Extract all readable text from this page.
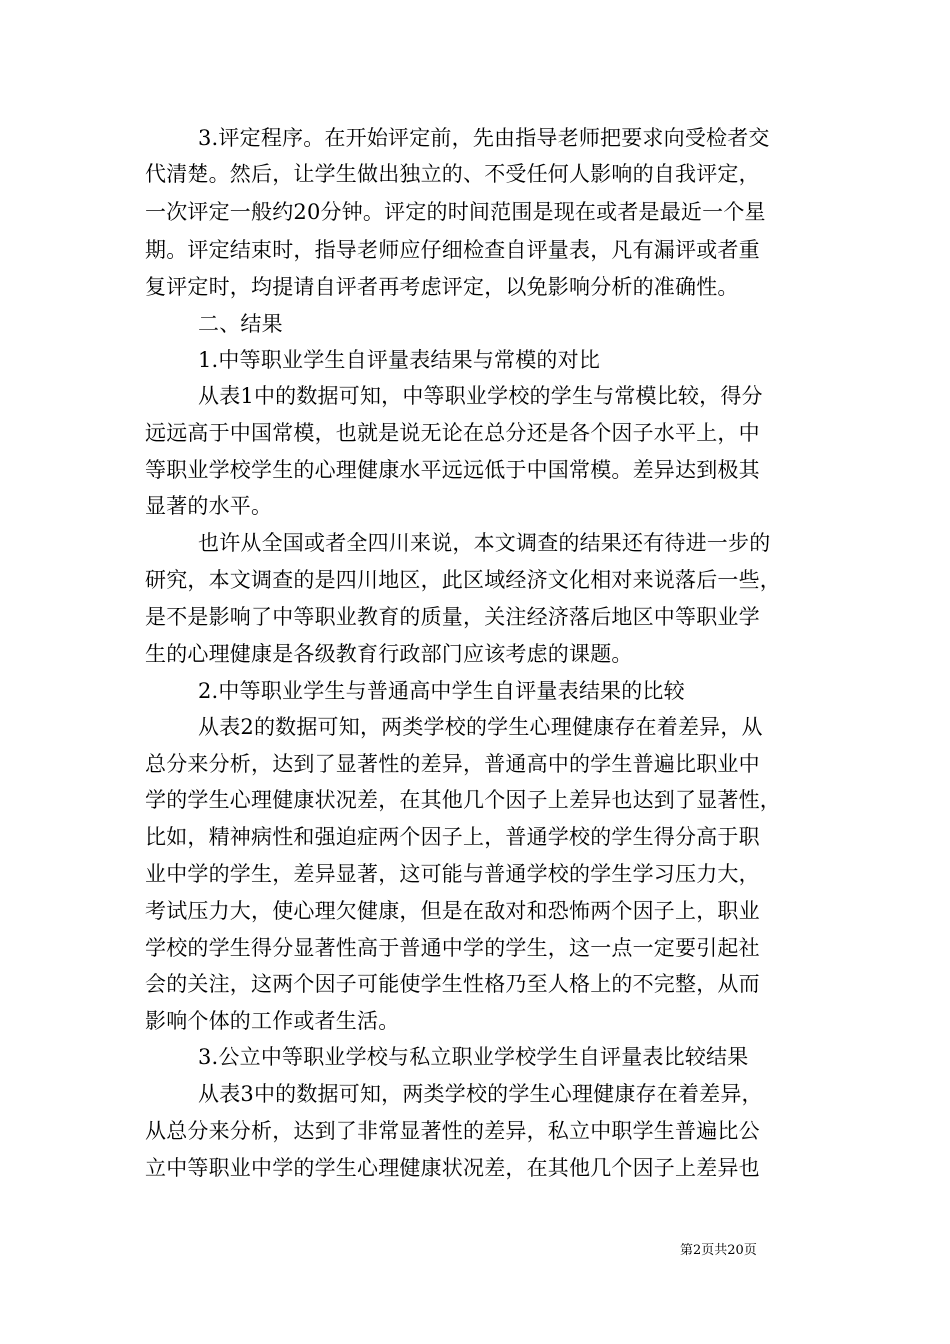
3.评定程序。在开始评定前，先由指导老师把要求向受检者交
代清楚。然后，让学生做出独立的、不受任何人影响的自我评定，
一次评定一般约20分钟。评定的时间范围是现在或者是最近一个星
期。评定结束时，指导老师应仔细检查自评量表，凡有漏评或者重
复评定时，均提请自评者再考虑评定，以免影响分析的准确性。
二、结果
1.中等职业学生自评量表结果与常模的对比
从表1中的数据可知，中等职业学校的学生与常模比较，得分
远远高于中国常模，也就是说无论在总分还是各个因子水平上，中
等职业学校学生的心理健康水平远远低于中国常模。差异达到极其
显著的水平。
也许从全国或者全四川来说，本文调查的结果还有待进一步的
研究，本文调查的是四川地区，此区域经济文化相对来说落后一些，
是不是影响了中等职业教育的质量，关注经济落后地区中等职业学
生的心理健康是各级教育行政部门应该考虑的课题。
2.中等职业学生与普通高中学生自评量表结果的比较
从表2的数据可知，两类学校的学生心理健康存在着差异，从
总分来分析，达到了显著性的差异，普通高中的学生普遍比职业中
学的学生心理健康状况差，在其他几个因子上差异也达到了显著性，
比如，精神病性和强迫症两个因子上，普通学校的学生得分高于职
业中学的学生，差异显著，这可能与普通学校的学生学习压力大，
考试压力大，使心理欠健康，但是在敌对和恐怖两个因子上，职业
学校的学生得分显著性高于普通中学的学生，这一点一定要引起社
会的关注，这两个因子可能使学生性格乃至人格上的不完整，从而
影响个体的工作或者生活。
3.公立中等职业学校与私立职业学校学生自评量表比较结果
从表3中的数据可知，两类学校的学生心理健康存在着差异，
从总分来分析，达到了非常显著性的差异，私立中职学生普遍比公
立中等职业中学的学生心理健康状况差，在其他几个因子上差异也
第2页共20页
